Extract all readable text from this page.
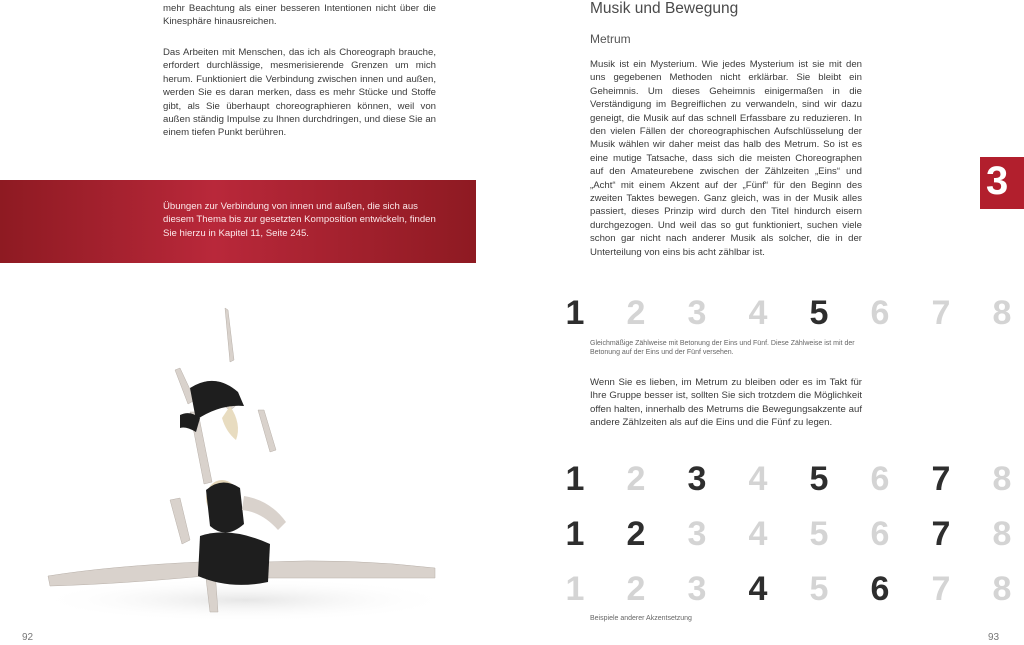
mehr Beachtung als einer besseren Intentionen nicht über die Kinesphäre hinausreichen.
Das Arbeiten mit Menschen, das ich als Choreograph brauche, erfordert durchlässige, mesmerisierende Grenzen um mich herum. Funktioniert die Verbindung zwischen innen und außen, werden Sie es daran merken, dass es mehr Stücke und Stoffe gibt, als Sie überhaupt choreographieren können, weil von außen ständig Impulse zu Ihnen durchdringen, und diese Sie an einem tiefen Punkt berühren.
Übungen zur Verbindung von innen und außen, die sich aus diesem Thema bis zur gesetzten Komposition entwickeln, finden Sie hierzu in Kapitel 11, Seite 245.
92
Musik und Bewegung
Metrum
Musik ist ein Mysterium. Wie jedes Mysterium ist sie mit den uns gegebenen Methoden nicht erklärbar. Sie bleibt ein Geheimnis. Um dieses Geheimnis einigermaßen in die Verständigung im Begreiflichen zu verwandeln, sind wir dazu geneigt, die Musik auf das schnell Erfassbare zu reduzieren. In den vielen Fällen der choreographischen Aufschlüsselung der Musik wählen wir daher meist das halb des Metrum. So ist es eine mutige Tatsache, dass sich die meisten Choreographen auf den Amateurebene zwischen der Zählzeiten „Eins“ und „Acht“ mit einem Akzent auf der „Fünf“ für den Beginn des zweiten Taktes bewegen. Ganz gleich, was in der Musik alles passiert, dieses Prinzip wird durch den Titel hindurch eisern durchgezogen. Und weil das so gut funktioniert, suchen viele schon gar nicht nach anderer Musik als solcher, die in der Unterteilung von eins bis acht zählbar ist.
1 2 3 4 5 6 7 8
Gleichmäßige Zählweise mit Betonung der Eins und Fünf. Diese Zählweise ist mit der Betonung auf der Eins und der Fünf versehen.
Wenn Sie es lieben, im Metrum zu bleiben oder es im Takt für Ihre Gruppe besser ist, sollten Sie sich trotzdem die Möglichkeit offen halten, innerhalb des Metrums die Bewegungsakzente auf andere Zählzeiten als auf die Eins und die Fünf zu legen.
1 2 3 4 5 6 7 8
1 2 3 4 5 6 7 8
1 2 3 4 5 6 7 8
Beispiele anderer Akzentsetzung
3
93
